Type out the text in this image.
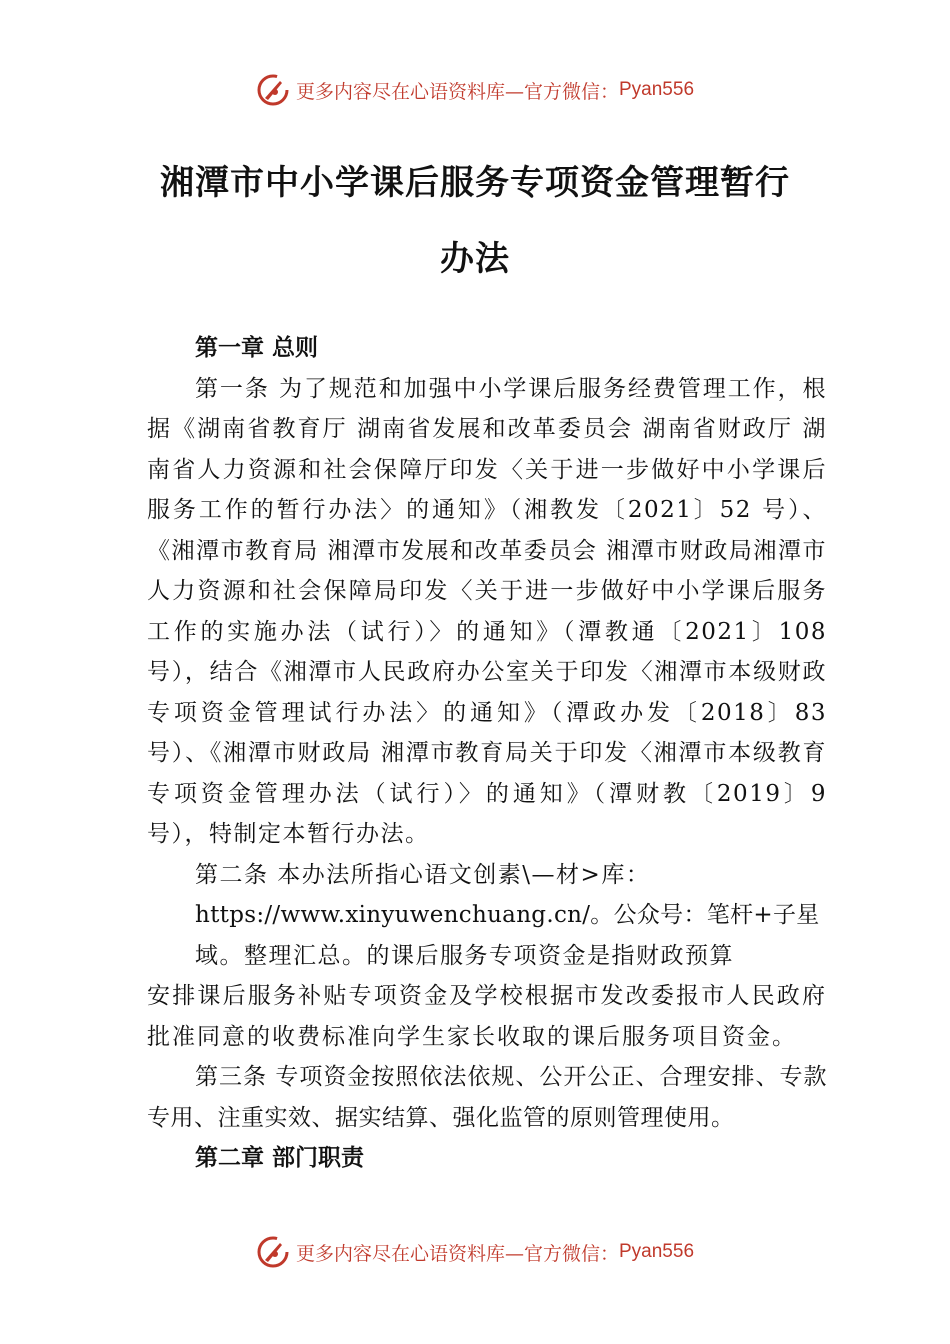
更多内容尽在心语资料库—官方微信： Pyan556
湘潭市中小学课后服务专项资金管理暂行
办法
第一章 总则

第一条 为了规范和加强中小学课后服务经费管理工作，根据《湖南省教育厅 湖南省发展和改革委员会 湖南省财政厅 湖南省人力资源和社会保障厅印发〈关于进一步做好中小学课后服务工作的暂行办法〉的通知》（湘教发〔2021〕52 号）、《湘潭市教育局 湘潭市发展和改革委员会 湘潭市财政局湘潭市人力资源和社会保障局印发〈关于进一步做好中小学课后服务工作的实施办法（试行）〉的通知》（潭教通〔2021〕108 号），结合《湘潭市人民政府办公室关于印发〈湘潭市本级财政专项资金管理试行办法〉的通知》（潭政办发〔2018〕83 号）、《湘潭市财政局 湘潭市教育局关于印发〈湘潭市本级教育专项资金管理办法（试行）〉的通知》（潭财教〔2019〕9 号），特制定本暂行办法。

第二条 本办法所指心语文创素\—材>库：
https://www.xinyuwenchuang.cn/。公众号：笔杆+子星
域。整理汇总。的课后服务专项资金是指财政预算

安排课后服务补贴专项资金及学校根据市发改委报市人民政府批准同意的收费标准向学生家长收取的课后服务项目资金。

第三条 专项资金按照依法依规、公开公正、合理安排、专款专用、注重实效、据实结算、强化监管的原则管理使用。

第二章 部门职责
更多内容尽在心语资料库—官方微信： Pyan556
